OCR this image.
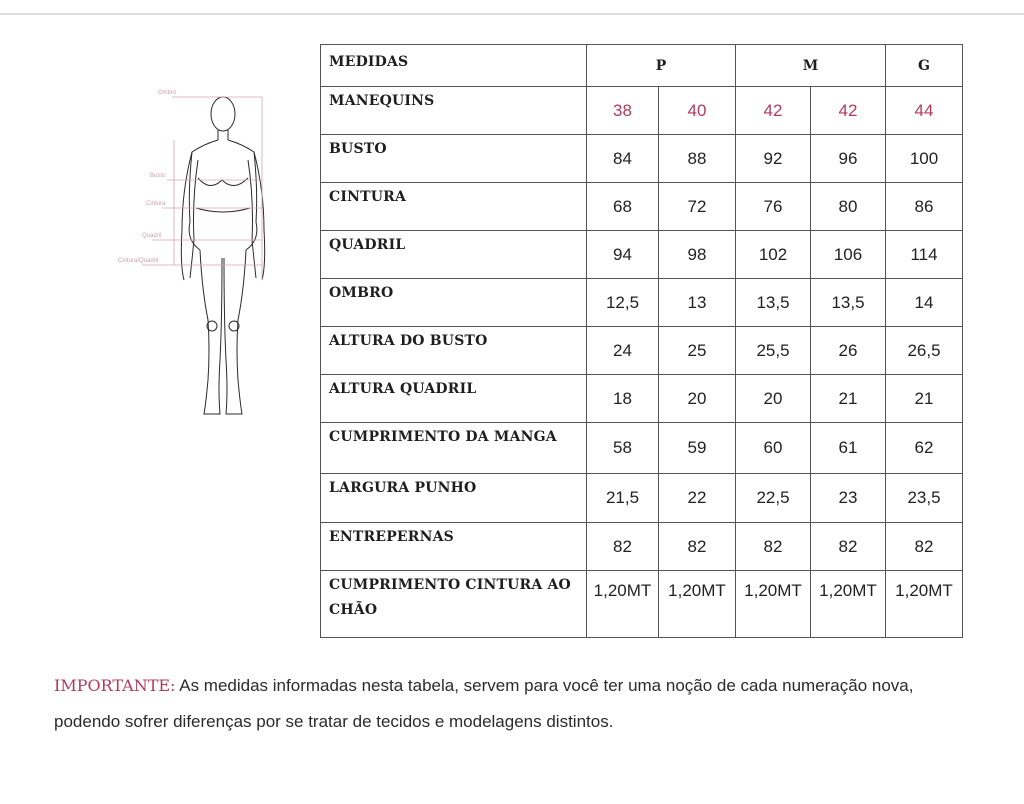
Ombro
Busto
Cintura
Quadril
Cintura/Quadril
MEDIDAS	P		M		G
MANEQUINS	38	40	42	42	44
BUSTO	84	88	92	96	100
CINTURA	68	72	76	80	86
QUADRIL	94	98	102	106	114
OMBRO	12,5	13	13,5	13,5	14
ALTURA DO BUSTO	24	25	25,5	26	26,5
ALTURA QUADRIL	18	20	20	21	21
CUMPRIMENTO DA MANGA	58	59	60	61	62
LARGURA PUNHO	21,5	22	22,5	23	23,5
ENTREPERNAS	82	82	82	82	82
CUMPRIMENTO CINTURA AO CHÃO	1,20MT	1,20MT	1,20MT	1,20MT	1,20MT
IMPORTANTE: As medidas informadas nesta tabela, servem para você ter uma noção de cada numeração nova, podendo sofrer diferenças por se tratar de tecidos e modelagens distintos.
